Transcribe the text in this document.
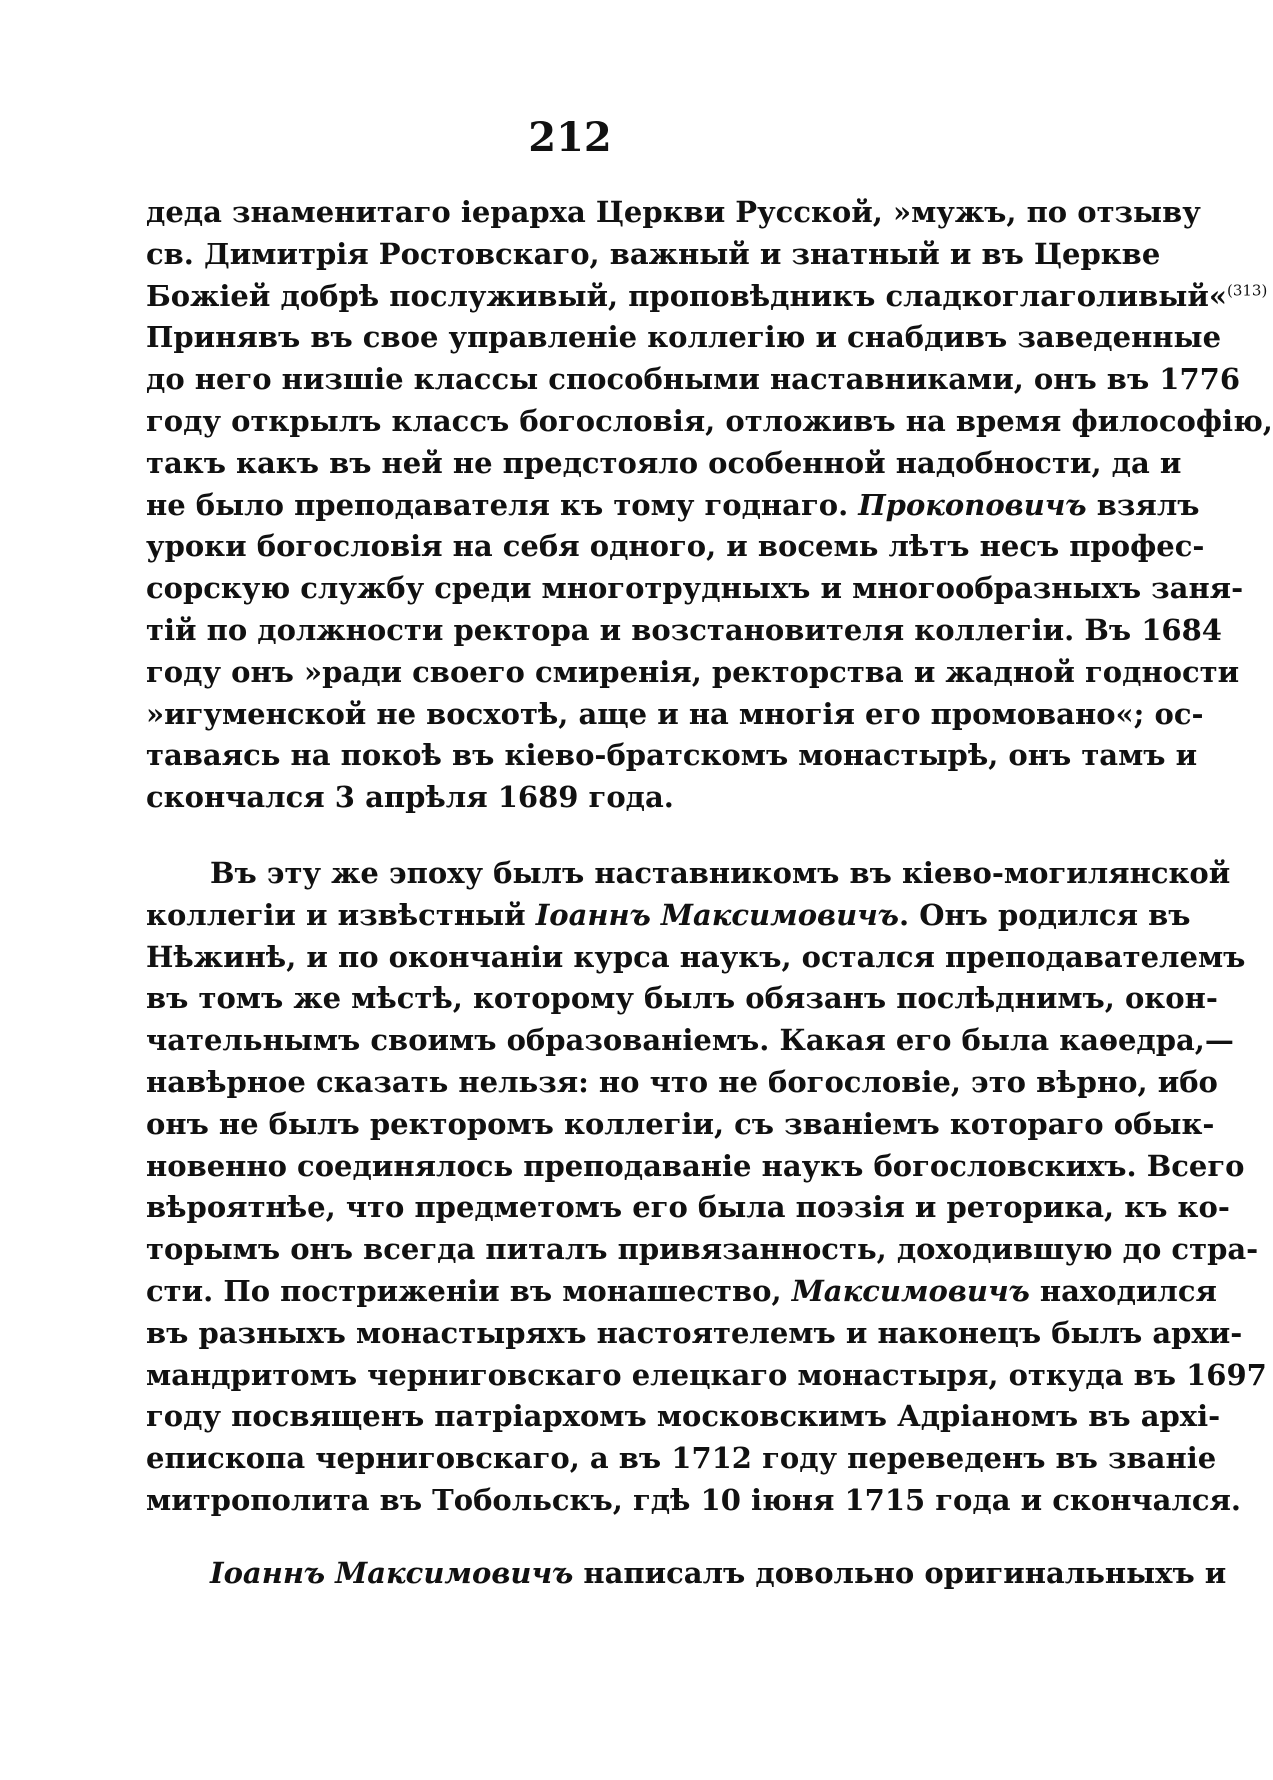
212
деда знаменитаго іерарха Церкви Русской, »мужъ, по отзыву
св. Димитрія Ростовскаго, важный и знатный и въ Церкве
Божіей добрѣ послуживый, проповѣдникъ сладкоглаголивый«$^{(313)}$
Принявъ въ свое управленіе коллегію и снабдивъ заведенные
до него низшіе классы способными наставниками, онъ въ 1776
году открылъ классъ богословія, отложивъ на время философію,
такъ какъ въ ней не предстояло особенной надобности, да и
не было преподавателя къ тому годнаго. Прокоповичъ взялъ
уроки богословія на себя одного, и восемь лѣтъ несъ профес-
сорскую службу среди многотрудныхъ и многообразныхъ заня-
тій по должности ректора и возстановителя коллегіи. Въ 1684
году онъ »ради своего смиренія, ректорства и жадной годности
»игуменской не восхотѣ, аще и на многія его промовано«; ос-
таваясь на покоѣ въ кіево-братскомъ монастырѣ, онъ тамъ и
скончался 3 апрѣля 1689 года.
Въ эту же эпоху былъ наставникомъ въ кіево-могилянской
коллегіи и извѣстный Іоаннъ Максимовичъ. Онъ родился въ
Нѣжинѣ, и по окончаніи курса наукъ, остался преподавателемъ
въ томъ же мѣстѣ, которому былъ обязанъ послѣднимъ, окон-
чательнымъ своимъ образованіемъ. Какая его была каѳедра,—
навѣрное сказать нельзя: но что не богословіе, это вѣрно, ибо
онъ не былъ ректоромъ коллегіи, съ званіемъ котораго обык-
новенно соединялось преподаваніе наукъ богословскихъ. Всего
вѣроятнѣе, что предметомъ его была поэзія и реторика, къ ко-
торымъ онъ всегда питалъ привязанность, доходившую до стра-
сти. По постриженіи въ монашество, Максимовичъ находился
въ разныхъ монастыряхъ настоятелемъ и наконецъ былъ архи-
мандритомъ черниговскаго елецкаго монастыря, откуда въ 1697
году посвященъ патріархомъ московскимъ Адріаномъ въ архі-
епископа черниговскаго, а въ 1712 году переведенъ въ званіе
митрополита въ Тобольскъ, гдѣ 10 іюня 1715 года и скончался.
Іоаннъ Максимовичъ написалъ довольно оригинальныхъ и
